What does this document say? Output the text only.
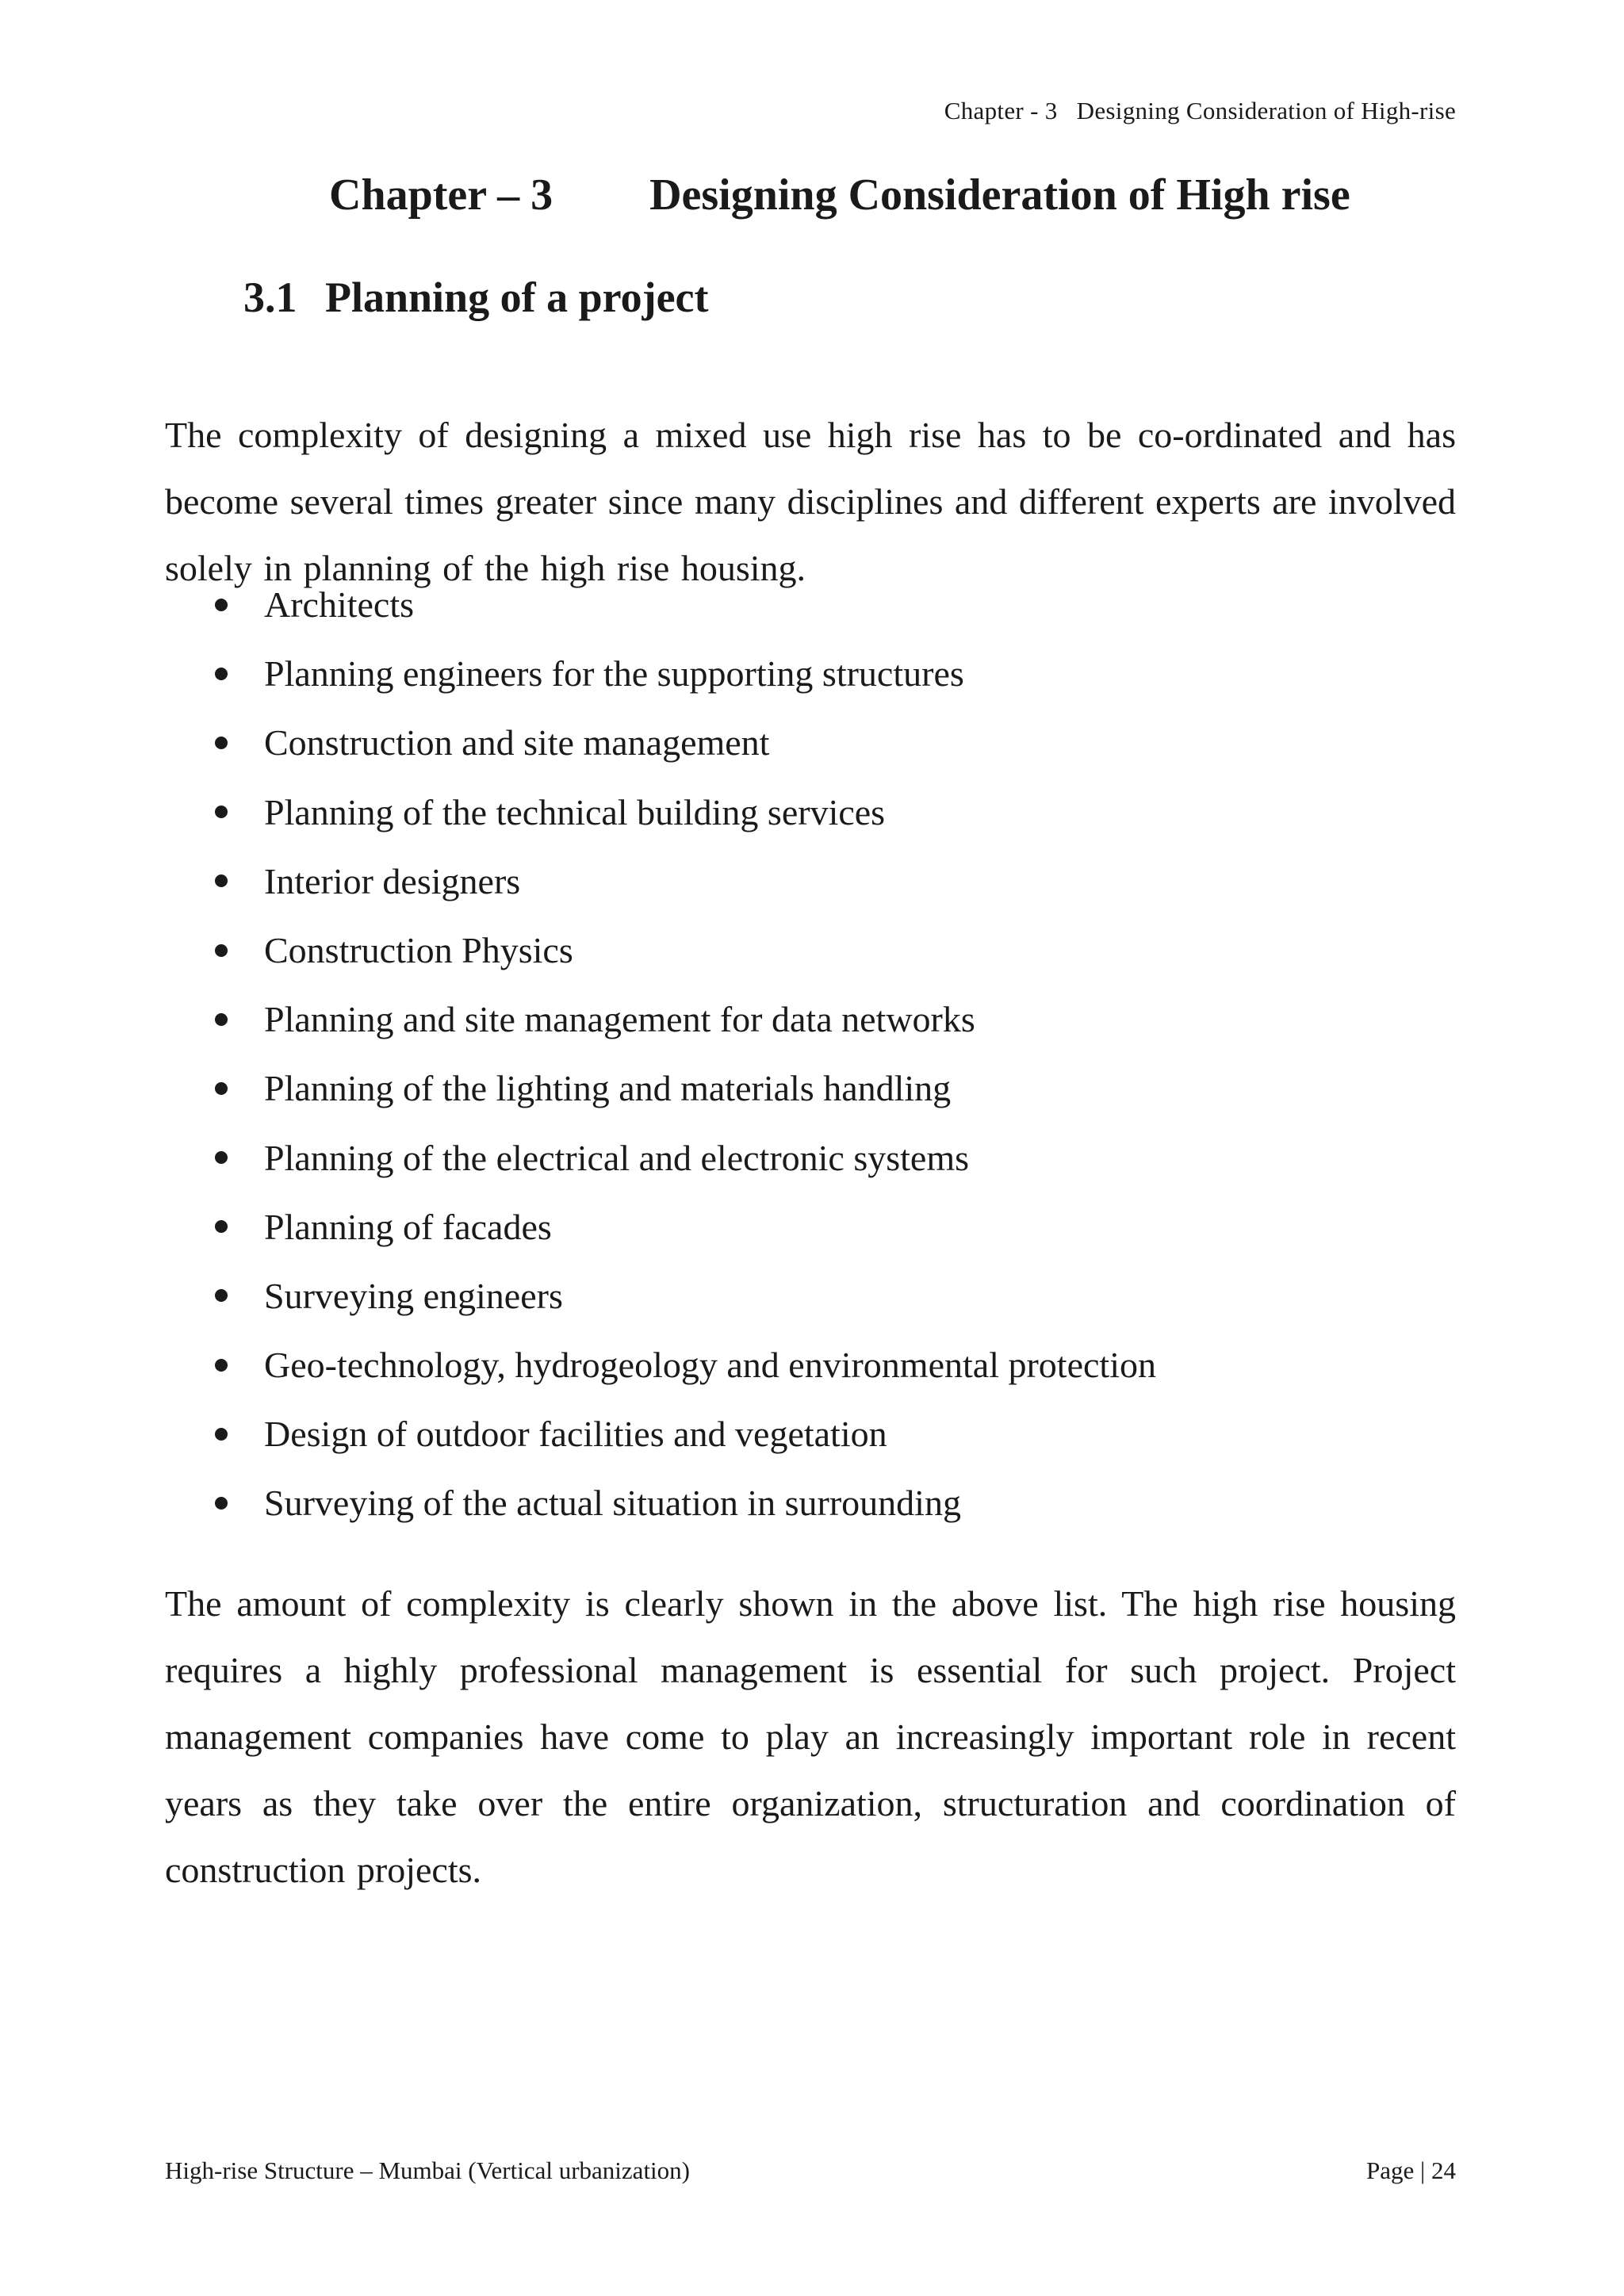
Chapter - 3   Designing Consideration of High-rise
Chapter – 3 Designing Consideration of High rise
3.1 Planning of a project

The complexity of designing a mixed use high rise has to be co-ordinated and has become several times greater since many disciplines and different experts are involved solely in planning of the high rise housing.

Architects
Planning engineers for the supporting structures
Construction and site management
Planning of the technical building services
Interior designers
Construction Physics
Planning and site management for data networks
Planning of the lighting and materials handling
Planning of the electrical and electronic systems
Planning of facades
Surveying engineers
Geo-technology, hydrogeology and environmental protection
Design of outdoor facilities and vegetation
Surveying of the actual situation in surrounding

The amount of complexity is clearly shown in the above list. The high rise housing requires a highly professional management is essential for such project. Project management companies have come to play an increasingly important role in recent years as they take over the entire organization, structuration and coordination of construction projects.

High-rise Structure – Mumbai (Vertical urbanization)	Page | 24
